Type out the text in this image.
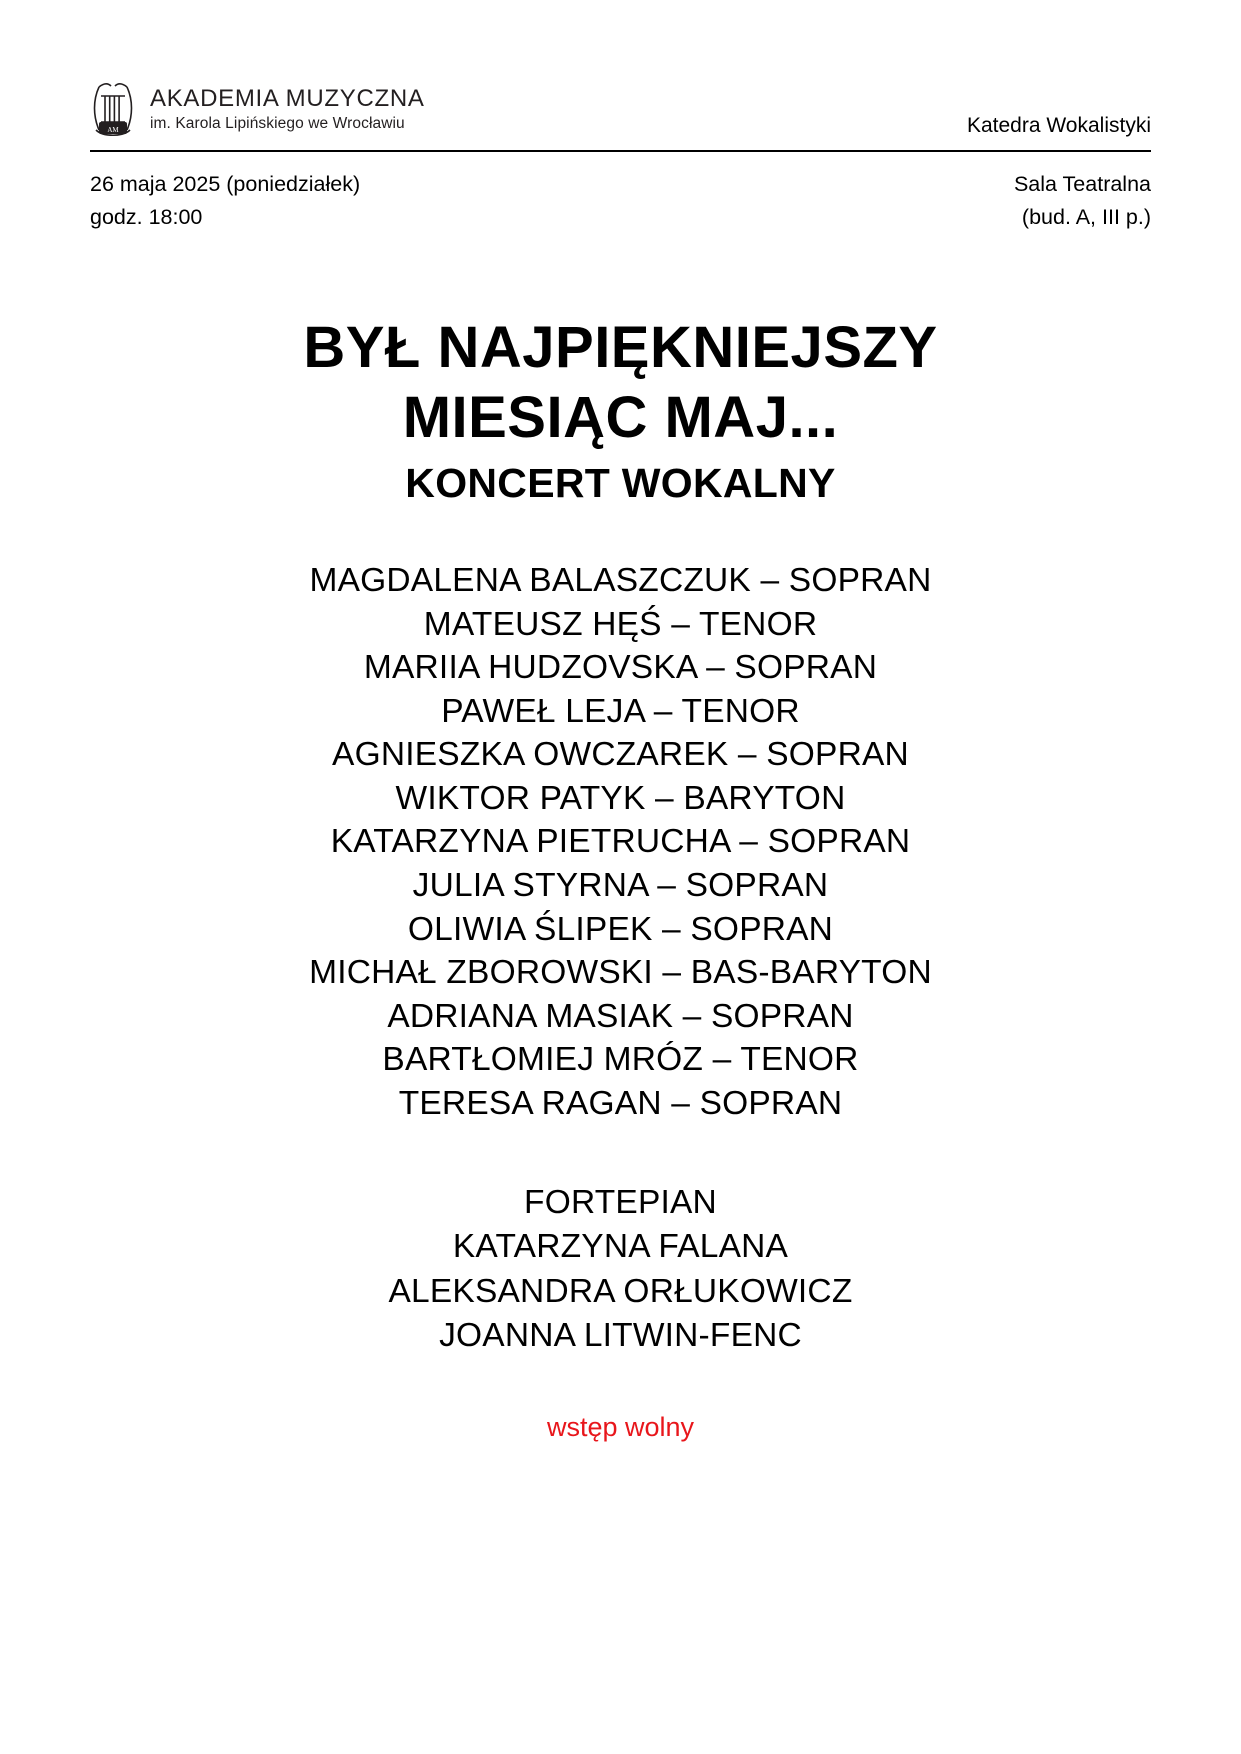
AM
AKADEMIA MUZYCZNA
im. Karola Lipińskiego we Wrocławiu	Katedra Wokalistyki
26 maja 2025 (poniedziałek)
godz. 18:00
Sala Teatralna
(bud. A, III p.)
BYŁ NAJPIĘKNIEJSZY
MIESIĄC MAJ...

KONCERT WOKALNY

MAGDALENA BALASZCZUK – SOPRAN
MATEUSZ HĘŚ – TENOR
MARIIA HUDZOVSKA – SOPRAN
PAWEŁ LEJA – TENOR
AGNIESZKA OWCZAREK – SOPRAN
WIKTOR PATYK – BARYTON
KATARZYNA PIETRUCHA – SOPRAN
JULIA STYRNA – SOPRAN
OLIWIA ŚLIPEK – SOPRAN
MICHAŁ ZBOROWSKI – BAS-BARYTON
ADRIANA MASIAK – SOPRAN
BARTŁOMIEJ MRÓZ – TENOR
TERESA RAGAN – SOPRAN
FORTEPIAN
KATARZYNA FALANA
ALEKSANDRA ORŁUKOWICZ
JOANNA LITWIN-FENC
wstęp wolny
